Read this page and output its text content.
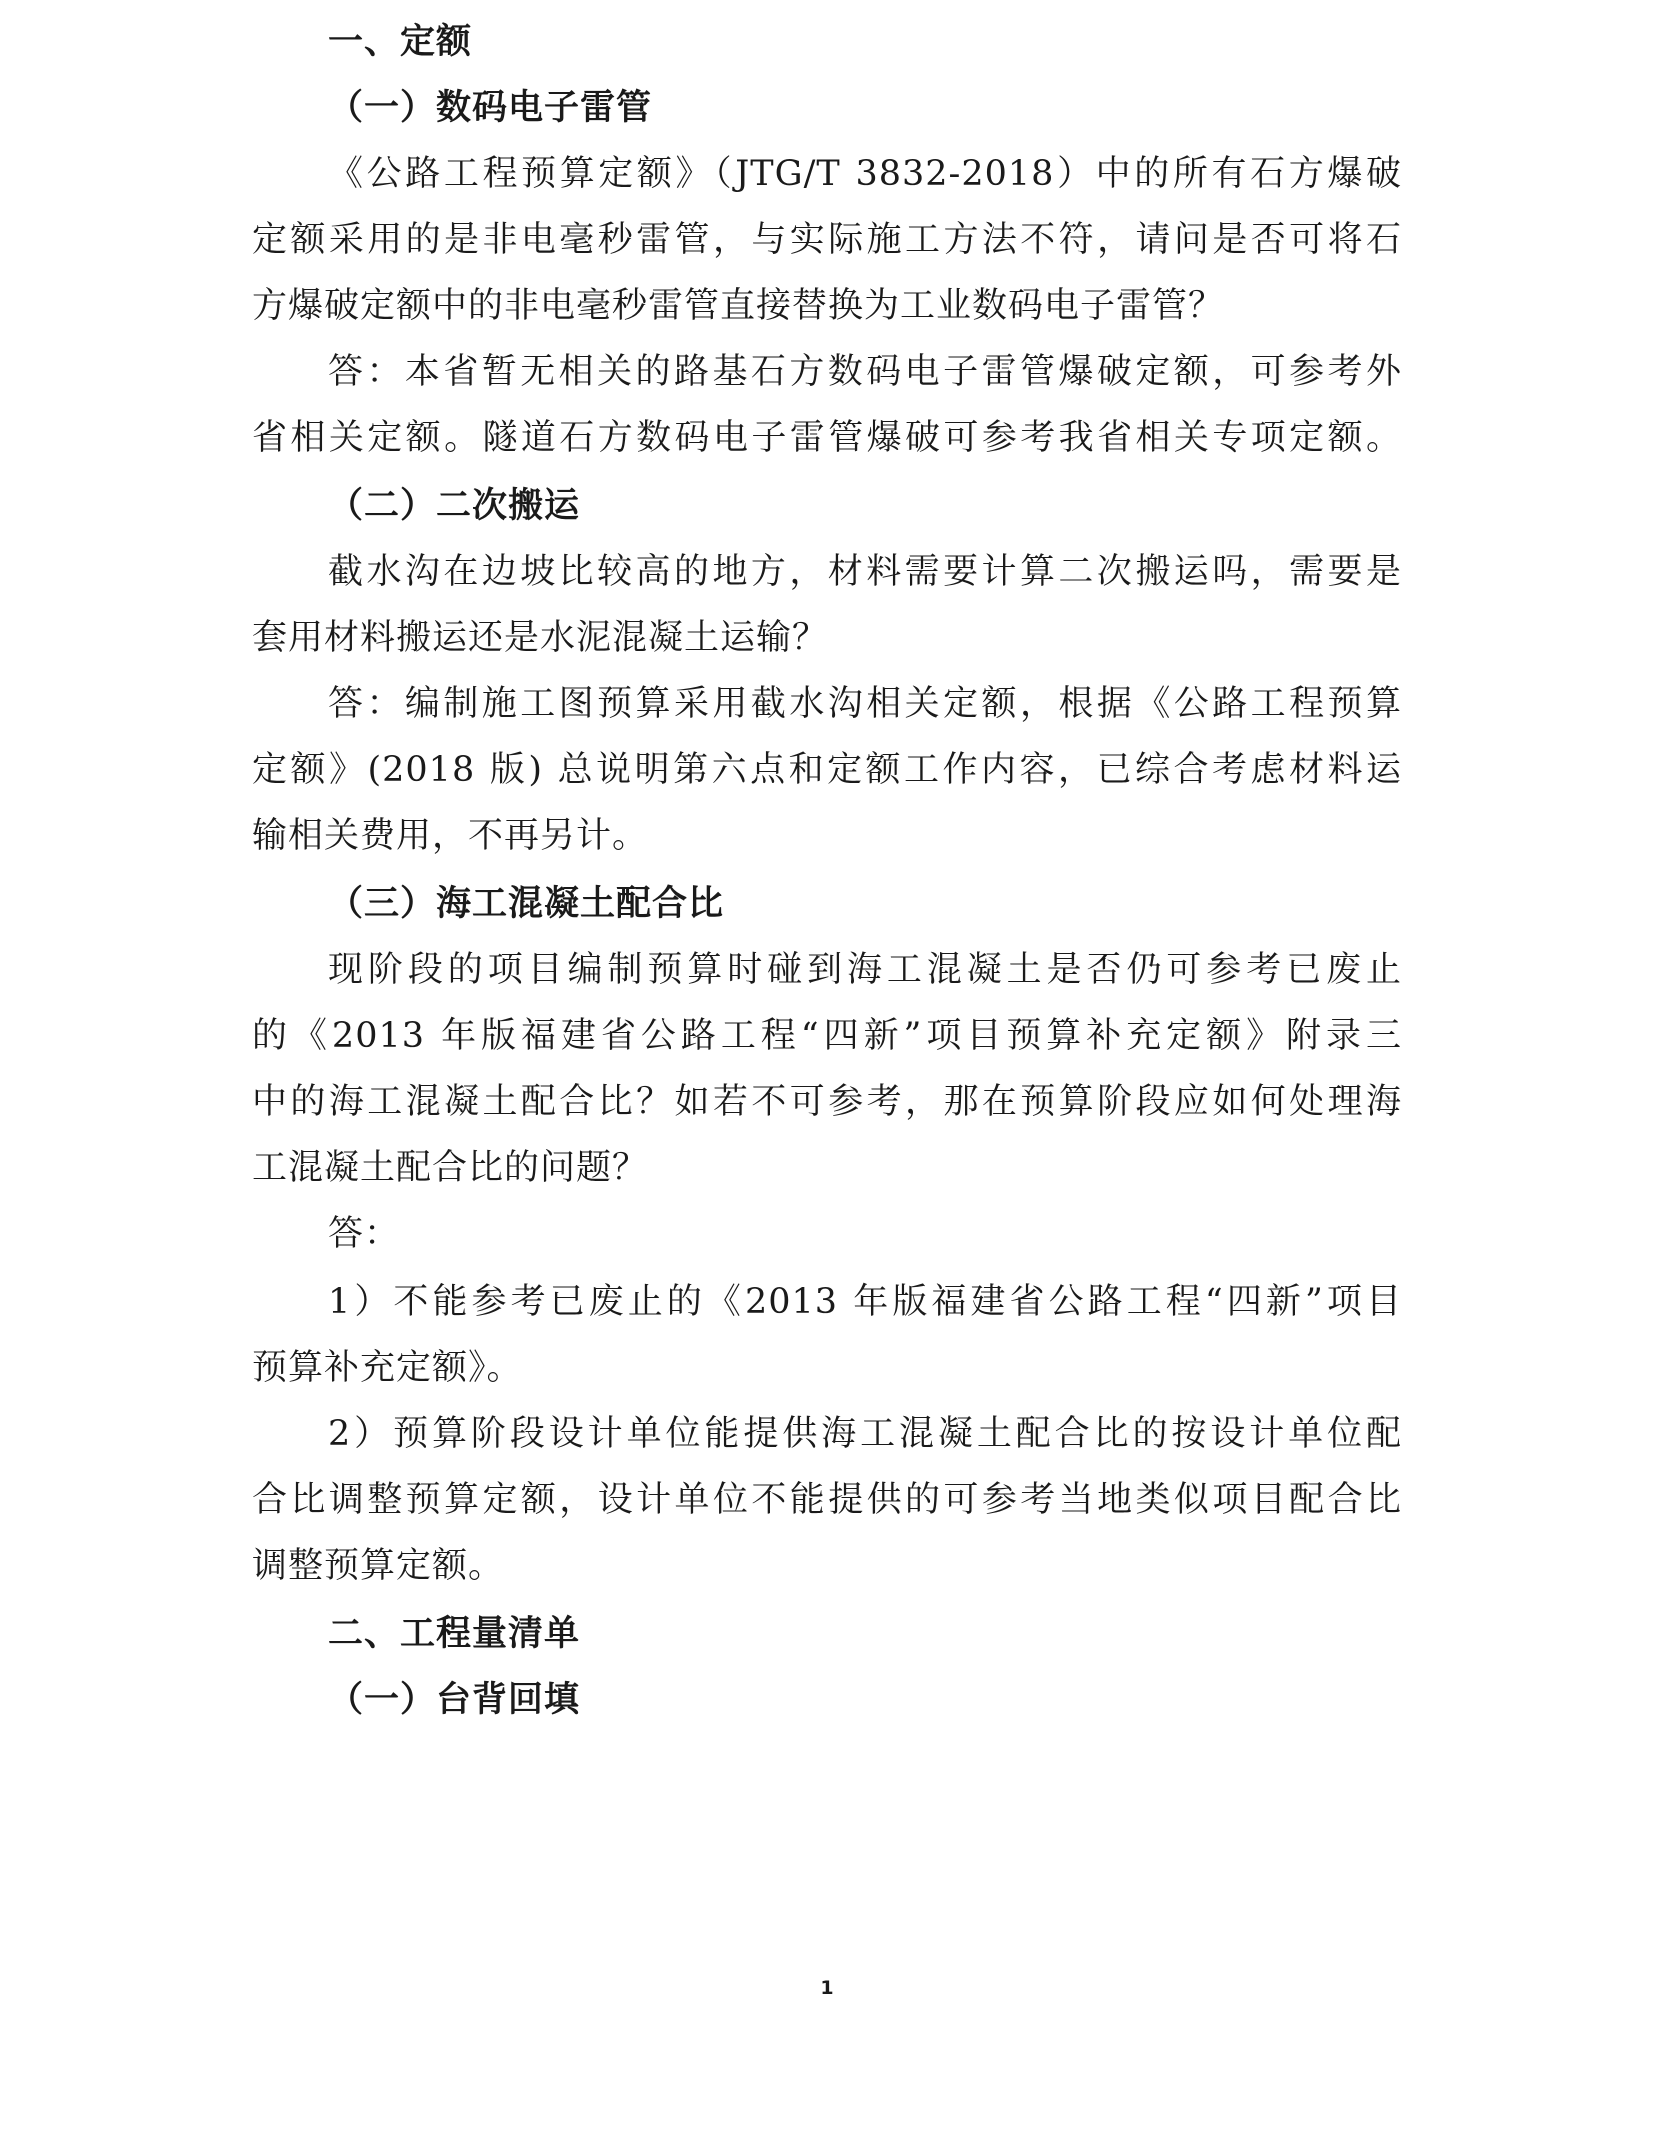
一、定额
（一）数码电子雷管
《公路工程预算定额》（JTG/T 3832-2018）中的所有石方爆破
定额采用的是非电毫秒雷管，与实际施工方法不符，请问是否可将石
方爆破定额中的非电毫秒雷管直接替换为工业数码电子雷管？
答：本省暂无相关的路基石方数码电子雷管爆破定额，可参考外
省相关定额。隧道石方数码电子雷管爆破可参考我省相关专项定额。
（二）二次搬运
截水沟在边坡比较高的地方，材料需要计算二次搬运吗，需要是
套用材料搬运还是水泥混凝土运输？
答：编制施工图预算采用截水沟相关定额，根据《公路工程预算
定额》(2018 版) 总说明第六点和定额工作内容，已综合考虑材料运
输相关费用，不再另计。
（三）海工混凝土配合比
现阶段的项目编制预算时碰到海工混凝土是否仍可参考已废止
的《2013 年版福建省公路工程“四新”项目预算补充定额》附录三
中的海工混凝土配合比？如若不可参考，那在预算阶段应如何处理海
工混凝土配合比的问题？
答：
1）不能参考已废止的《2013 年版福建省公路工程“四新”项目
预算补充定额》。
2）预算阶段设计单位能提供海工混凝土配合比的按设计单位配
合比调整预算定额，设计单位不能提供的可参考当地类似项目配合比
调整预算定额。
二、工程量清单
（一）台背回填
1
